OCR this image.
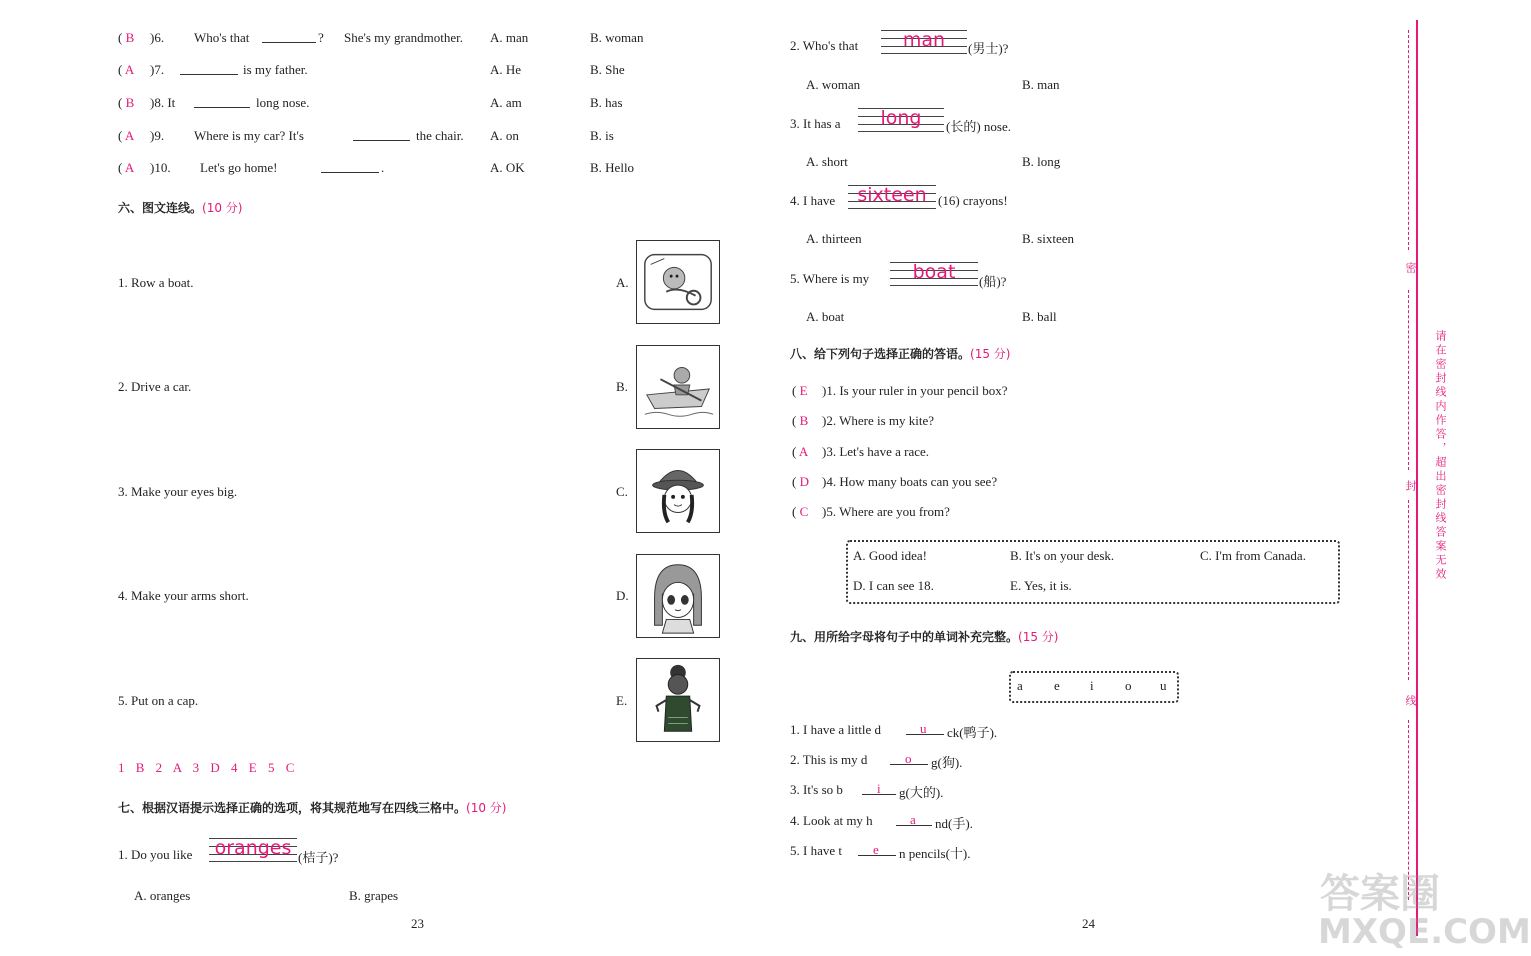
( B )6. Who's that	? She's my grandmother. A. man	B. woman
( A )7.	is my father.	A. He	B. She
( B )8. It	long nose.	A. am	B. has
( A )9. Where is my car? It's	the chair. A. on	B. is
( A )10. Let's go home!	.	A. OK	B. Hello
六、图文连线。(10 分)
1. Row a boat.
2. Drive a car.
3. Make your eyes big.
4. Make your arms short.
5. Put on a cap.
A.
B.
C.
D.
E.
1 B 2 A 3 D 4 E 5 C
七、根据汉语提示选择正确的选项，将其规范地写在四线三格中。(10 分)
1. Do you like oranges (桔子)?
A. oranges	B. grapes
23
2. Who's that	man	(男士)?
A. woman	B. man
3. It has a	long	(长的) nose.
A. short	B. long
4. I have	sixteen (16) crayons!
A. thirteen	B. sixteen
5. Where is my	boat	(船)?
A. boat	B. ball
八、给下列句子选择正确的答语。(15 分)
( E )1. Is your ruler in your pencil box?
( B )2. Where is my kite?
( A )3. Let's have a race.
( D )4. How many boats can you see?
( C )5. Where are you from?
A. Good idea!	B. It's on your desk.	C. I'm from Canada.
D. I can see 18.	E. Yes, it is.
九、用所给字母将句子中的单词补充完整。(15 分)
a e i o u
1. I have a little d	u ck(鸭子).
2. This is my d	o g(狗).
3. It's so b	i g(大的).
4. Look at my h	a nd(手).
5. I have t e n pencils(十).
24
密
封
线
请在密封线内作答，超出密封线答案无效
答案圈
MXQE.COM
